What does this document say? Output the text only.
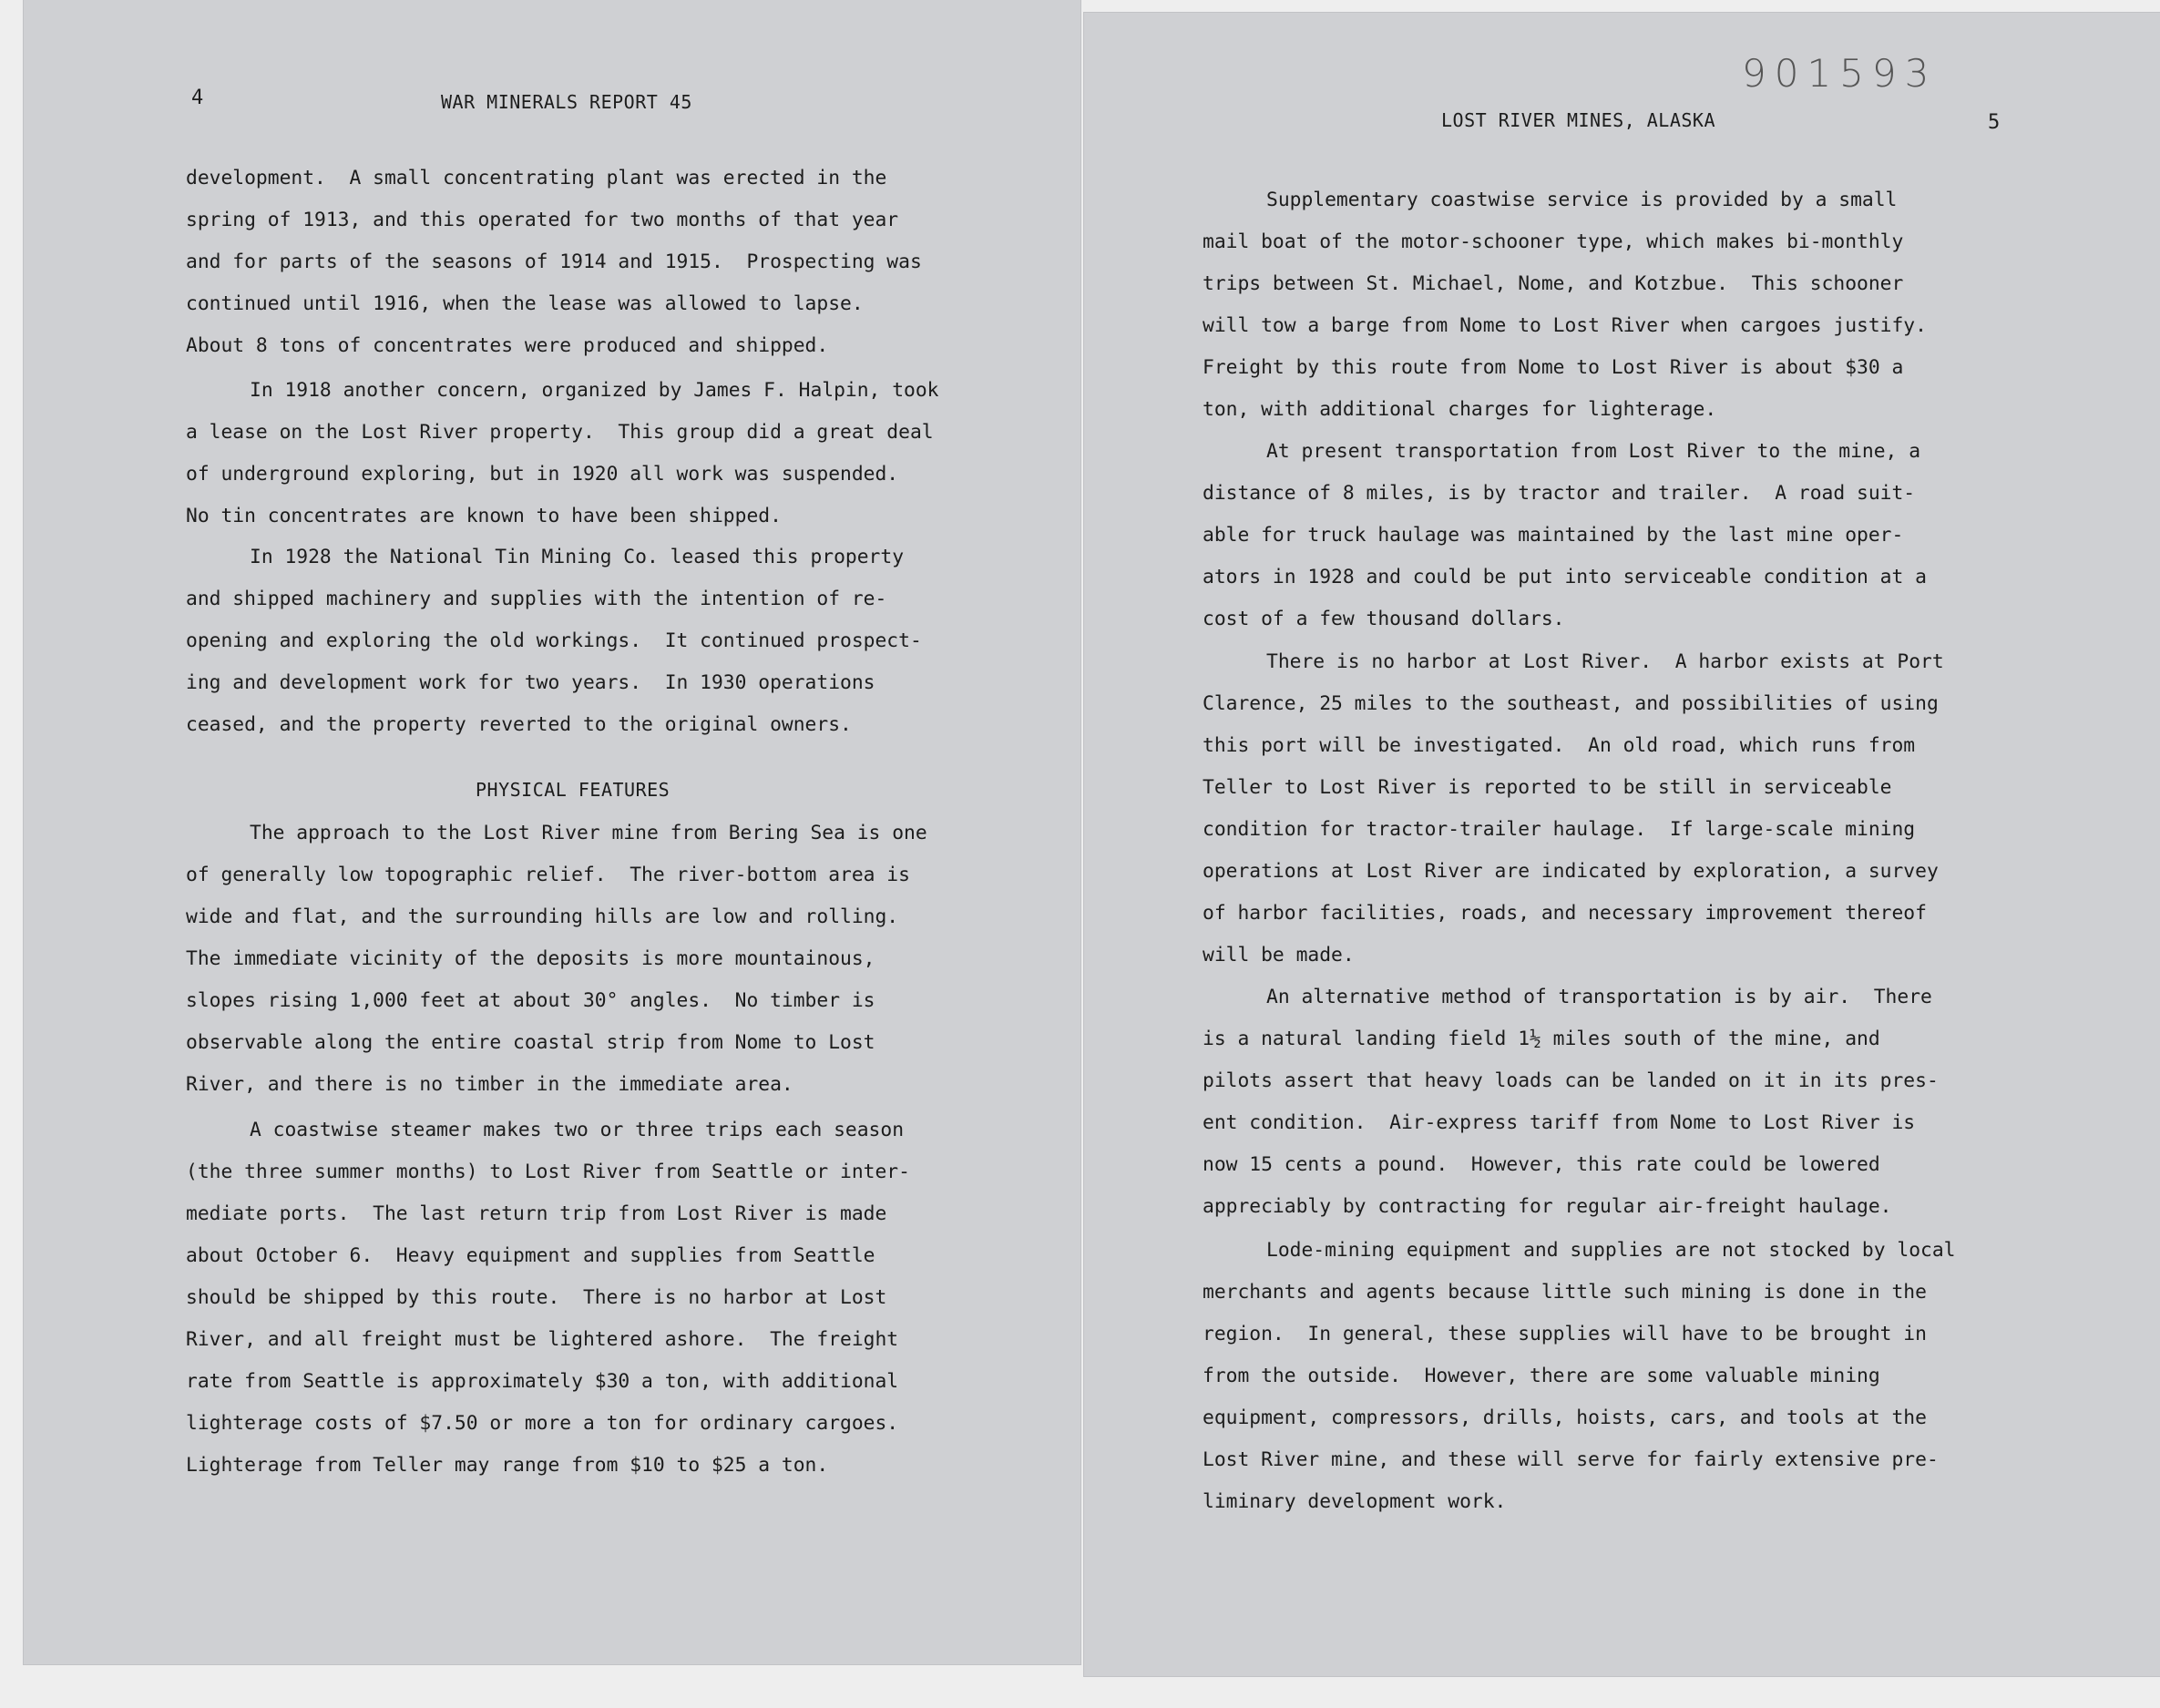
4	WAR MINERALS REPORT 45

development.  A small concentrating plant was erected in the
spring of 1913, and this operated for two months of that year
and for parts of the seasons of 1914 and 1915.  Prospecting was
continued until 1916, when the lease was allowed to lapse.
About 8 tons of concentrates were produced and shipped.

In 1918 another concern, organized by James F. Halpin, took
a lease on the Lost River property.  This group did a great deal
of underground exploring, but in 1920 all work was suspended.
No tin concentrates are known to have been shipped.

In 1928 the National Tin Mining Co. leased this property
and shipped machinery and supplies with the intention of re-
opening and exploring the old workings.  It continued prospect-
ing and development work for two years.  In 1930 operations
ceased, and the property reverted to the original owners.

PHYSICAL FEATURES

The approach to the Lost River mine from Bering Sea is one
of generally low topographic relief.  The river-bottom area is
wide and flat, and the surrounding hills are low and rolling.
The immediate vicinity of the deposits is more mountainous,
slopes rising 1,000 feet at about 30° angles.  No timber is
observable along the entire coastal strip from Nome to Lost
River, and there is no timber in the immediate area.

A coastwise steamer makes two or three trips each season
(the three summer months) to Lost River from Seattle or inter-
mediate ports.  The last return trip from Lost River is made
about October 6.  Heavy equipment and supplies from Seattle
should be shipped by this route.  There is no harbor at Lost
River, and all freight must be lightered ashore.  The freight
rate from Seattle is approximately $30 a ton, with additional
lighterage costs of $7.50 or more a ton for ordinary cargoes.
Lighterage from Teller may range from $10 to $25 a ton.

901593
LOST RIVER MINES, ALASKA	5

Supplementary coastwise service is provided by a small
mail boat of the motor-schooner type, which makes bi-monthly
trips between St. Michael, Nome, and Kotzbue.  This schooner
will tow a barge from Nome to Lost River when cargoes justify.
Freight by this route from Nome to Lost River is about $30 a
ton, with additional charges for lighterage.

At present transportation from Lost River to the mine, a
distance of 8 miles, is by tractor and trailer.  A road suit-
able for truck haulage was maintained by the last mine oper-
ators in 1928 and could be put into serviceable condition at a
cost of a few thousand dollars.

There is no harbor at Lost River.  A harbor exists at Port
Clarence, 25 miles to the southeast, and possibilities of using
this port will be investigated.  An old road, which runs from
Teller to Lost River is reported to be still in serviceable
condition for tractor-trailer haulage.  If large-scale mining
operations at Lost River are indicated by exploration, a survey
of harbor facilities, roads, and necessary improvement thereof
will be made.

An alternative method of transportation is by air.  There
is a natural landing field 1½ miles south of the mine, and
pilots assert that heavy loads can be landed on it in its pres-
ent condition.  Air-express tariff from Nome to Lost River is
now 15 cents a pound.  However, this rate could be lowered
appreciably by contracting for regular air-freight haulage.

Lode-mining equipment and supplies are not stocked by local
merchants and agents because little such mining is done in the
region.  In general, these supplies will have to be brought in
from the outside.  However, there are some valuable mining
equipment, compressors, drills, hoists, cars, and tools at the
Lost River mine, and these will serve for fairly extensive pre-
liminary development work.
